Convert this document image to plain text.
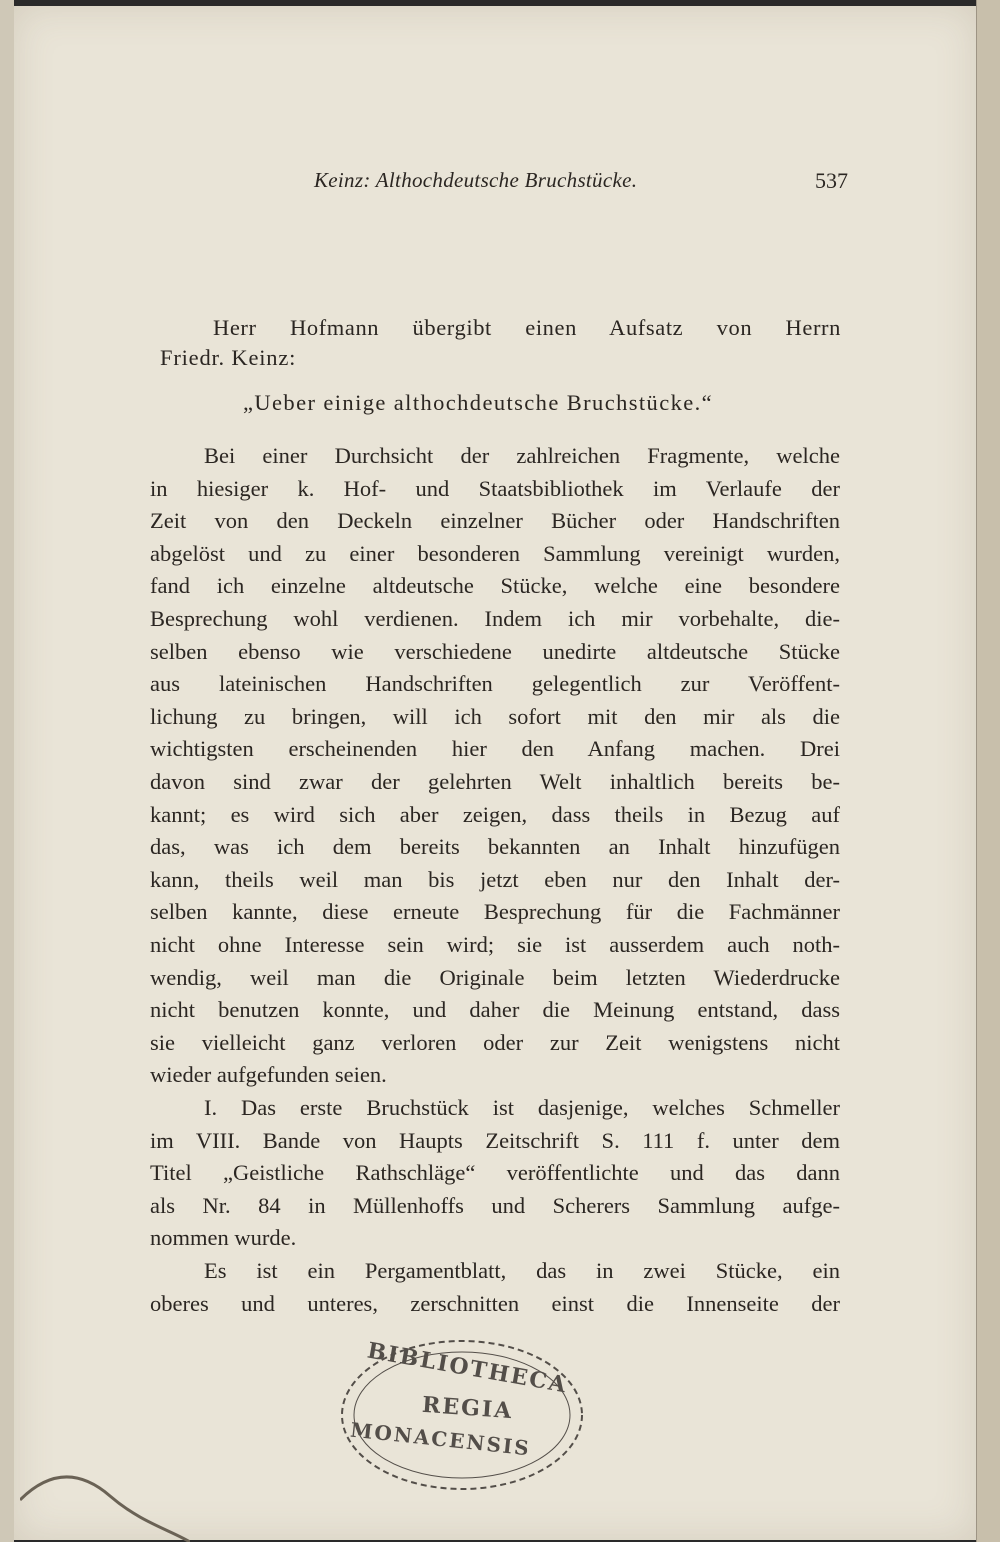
Keinz: Althochdeutsche Bruchstücke.	537
Herr Hofmann übergibt einen Aufsatz von Herrn
Friedr. Keinz:
„Ueber einige althochdeutsche Bruchstücke.“
Bei einer Durchsicht der zahlreichen Fragmente, welche
in hiesiger k. Hof- und Staatsbibliothek im Verlaufe der
Zeit von den Deckeln einzelner Bücher oder Handschriften
abgelöst und zu einer besonderen Sammlung vereinigt wurden,
fand ich einzelne altdeutsche Stücke, welche eine besondere
Besprechung wohl verdienen. Indem ich mir vorbehalte, die-
selben ebenso wie verschiedene unedirte altdeutsche Stücke
aus lateinischen Handschriften gelegentlich zur Veröffent-
lichung zu bringen, will ich sofort mit den mir als die
wichtigsten erscheinenden hier den Anfang machen. Drei
davon sind zwar der gelehrten Welt inhaltlich bereits be-
kannt; es wird sich aber zeigen, dass theils in Bezug auf
das, was ich dem bereits bekannten an Inhalt hinzufügen
kann, theils weil man bis jetzt eben nur den Inhalt der-
selben kannte, diese erneute Besprechung für die Fachmänner
nicht ohne Interesse sein wird; sie ist ausserdem auch noth-
wendig, weil man die Originale beim letzten Wiederdrucke
nicht benutzen konnte, und daher die Meinung entstand, dass
sie vielleicht ganz verloren oder zur Zeit wenigstens nicht
wieder aufgefunden seien.
I. Das erste Bruchstück ist dasjenige, welches Schmeller
im VIII. Bande von Haupts Zeitschrift S. 111 f. unter dem
Titel „Geistliche Rathschläge“ veröffentlichte und das dann
als Nr. 84 in Müllenhoffs und Scherers Sammlung aufge-
nommen wurde.
Es ist ein Pergamentblatt, das in zwei Stücke, ein
oberes und unteres, zerschnitten einst die Innenseite der
BIBLIOTHECA
REGIA
MONACENSIS
